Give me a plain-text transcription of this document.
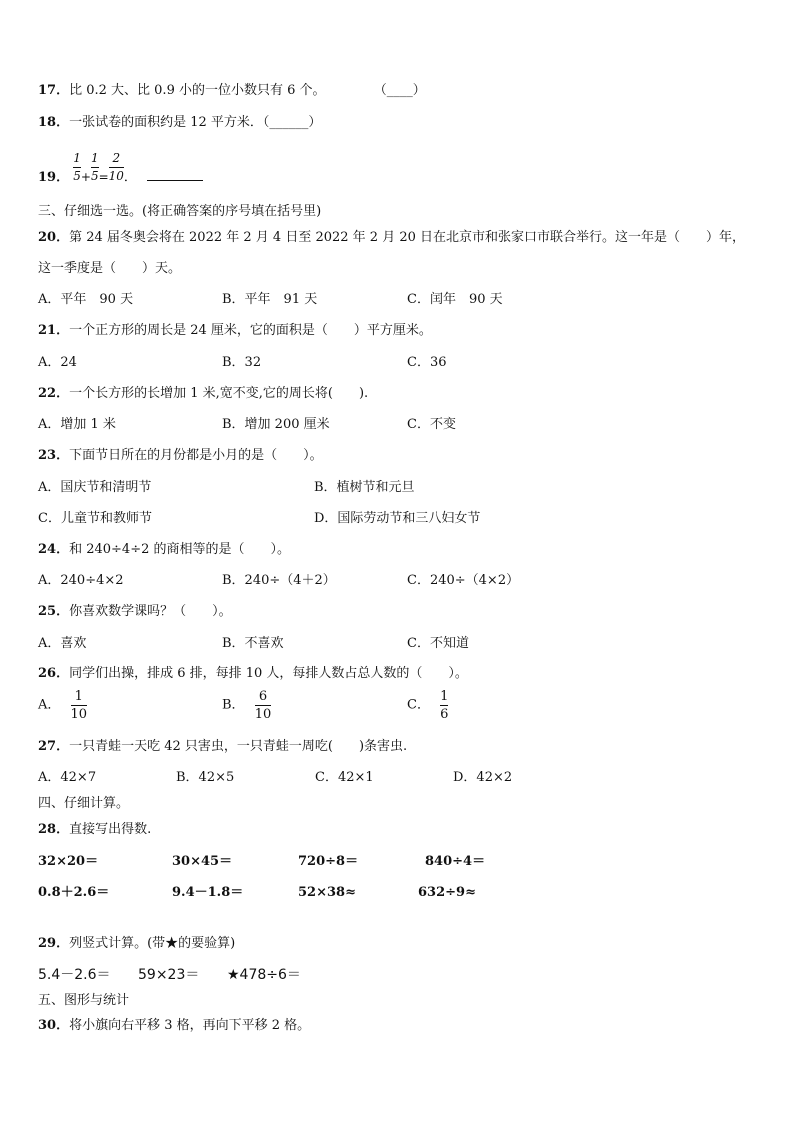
17．比 0.2 大、比 0.9 小的一位小数只有 6 个。	（____）
18．一张试卷的面积约是 12 平方米．（______）
19． $\frac{1}{5} + \frac{1}{5} = \frac{2}{10}$ ．
三、仔细选一选。(将正确答案的序号填在括号里)
20．第 24 届冬奥会将在 2022 年 2 月 4 日至 2022 年 2 月 20 日在北京市和张家口市联合举行。这一年是（　　）年，
这一季度是（　　）天。
A．平年　90 天	B．平年　91 天	C．闰年　90 天
21．一个正方形的周长是 24 厘米，它的面积是（　　）平方厘米。
A．24	B．32	C．36
22．一个长方形的长增加 1 米,宽不变,它的周长将(　　).
A．增加 1 米	B．增加 200 厘米	C．不变
23．下面节日所在的月份都是小月的是（　　）。
A．国庆节和清明节	B．植树节和元旦
C．儿童节和教师节	D．国际劳动节和三八妇女节
24．和 240÷4÷2 的商相等的是（　　）。
A．240÷4×2	B．240÷（4＋2）	C．240÷（4×2）
25．你喜欢数学课吗？（　　）。
A．喜欢	B．不喜欢	C．不知道
26．同学们出操，排成 6 排，每排 10 人，每排人数占总人数的（　　）。
A． $\frac{1}{10}$	B． $\frac{6}{10}$	C． $\frac{1}{6}$
27．一只青蛙一天吃 42 只害虫，一只青蛙一周吃(　　)条害虫.
A．42×7	B．42×5	C．42×1	D．42×2
四、仔细计算。
28．直接写出得数.
32×20＝	30×45＝	720÷8＝	840÷4＝
0.8＋2.6＝	9.4－1.8＝	52×38≈	632÷9≈
29．列竖式计算。(带★的要验算)
5.4－2.6＝ 59×23＝ ★478÷6＝
五、图形与统计
30．将小旗向右平移 3 格，再向下平移 2 格。
